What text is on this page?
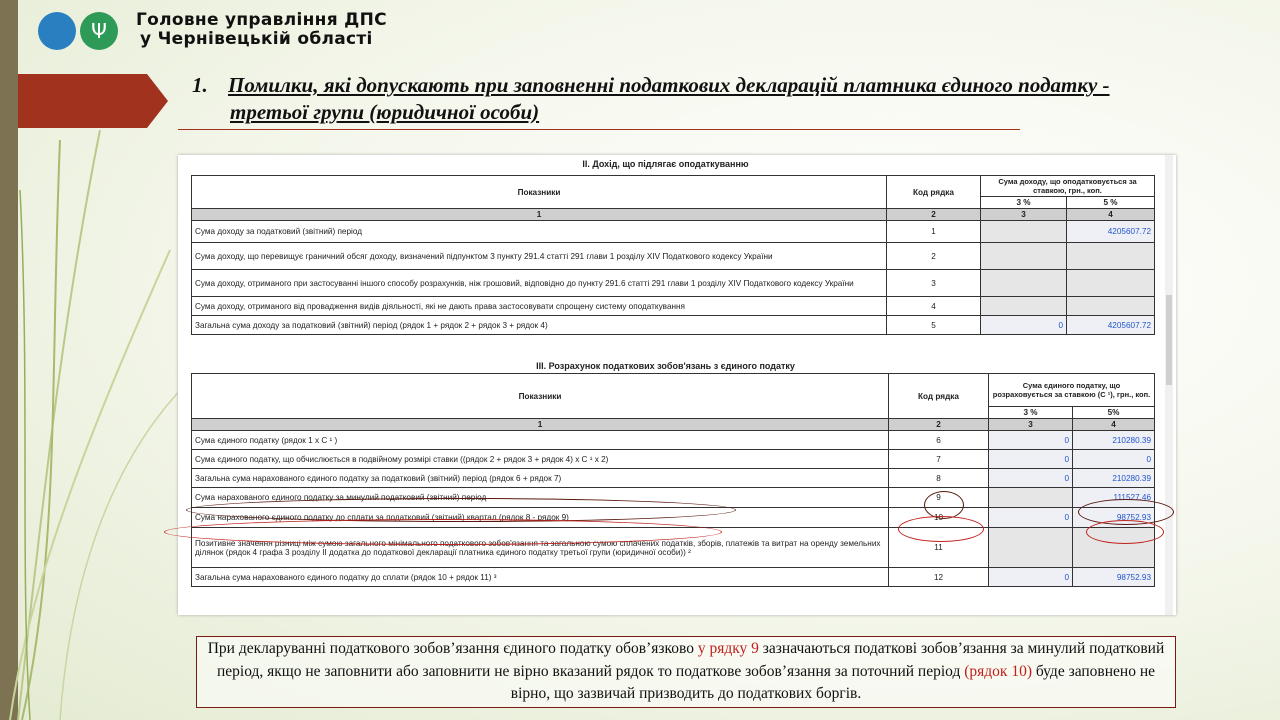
Ψ	Головне управління ДПС
у Чернівецькій області
1. Помилки, які допускають при заповненні податкових декларацій платника єдиного податку -
третьої групи (юридичної особи)
ІІ. Дохід, що підлягає оподаткуванню
Показники	Код рядка	Сума доходу, що оподатковується за ставкою, грн., коп.	
		3 %	5 %
1	2	3	4
Сума доходу за податковий (звітний) період	1		4205607.72
Сума доходу, що перевищує граничний обсяг доходу, визначений підпунктом 3 пункту 291.4 статті 291 глави 1 розділу XIV Податкового кодексу України	2		
Сума доходу, отриманого при застосуванні іншого способу розрахунків, ніж грошовий, відповідно до пункту 291.6 статті 291 глави 1 розділу XIV Податкового кодексу України	3		
Сума доходу, отриманого від провадження видів діяльності, які не дають права застосовувати спрощену систему оподаткування	4		
Загальна сума доходу за податковий (звітний) період (рядок 1 + рядок 2 + рядок 3 + рядок 4)	5	0	4205607.72
ІІІ. Розрахунок податкових зобов'язань з єдиного податку
Показники	Код рядка	Сума єдиного податку, що розраховується за ставкою (С ¹), грн., коп.	
		3 %	5%
1	2	3	4
Сума єдиного податку (рядок 1 х С ¹ )	6	0	210280.39
Сума єдиного податку, що обчислюється в подвійному розмірі ставки ((рядок 2 + рядок 3 + рядок 4) х С ¹ х 2)	7	0	0
Загальна сума нарахованого єдиного податку за податковий (звітний) період (рядок 6 + рядок 7)	8	0	210280.39
Сума нарахованого єдиного податку за минулий податковий (звітний) період	9		111527.46
Сума нарахованого єдиного податку до сплати за податковий (звітний) квартал (рядок 8 - рядок 9)	10	0	98752.93
Позитивне значення різниці між сумою загального мінімального податкового зобов'язання та загальною сумою сплачених податків, зборів, платежів та витрат на оренду земельних ділянок (рядок 4 графа 3 розділу ІІ додатка до податкової декларації платника єдиного податку третьої групи (юридичної особи)) ²	11		
Загальна сума нарахованого єдиного податку до сплати (рядок 10 + рядок 11) ³	12	0	98752.93
При декларуванні податкового зобов’язання єдиного податку обов’язково у рядку 9 зазначаються податкові зобов’язання за минулий податковий період, якщо не заповнити або заповнити не вірно вказаний рядок то податкове зобов’язання за поточний період (рядок 10) буде заповнено не вірно, що зазвичай призводить до податкових боргів.
